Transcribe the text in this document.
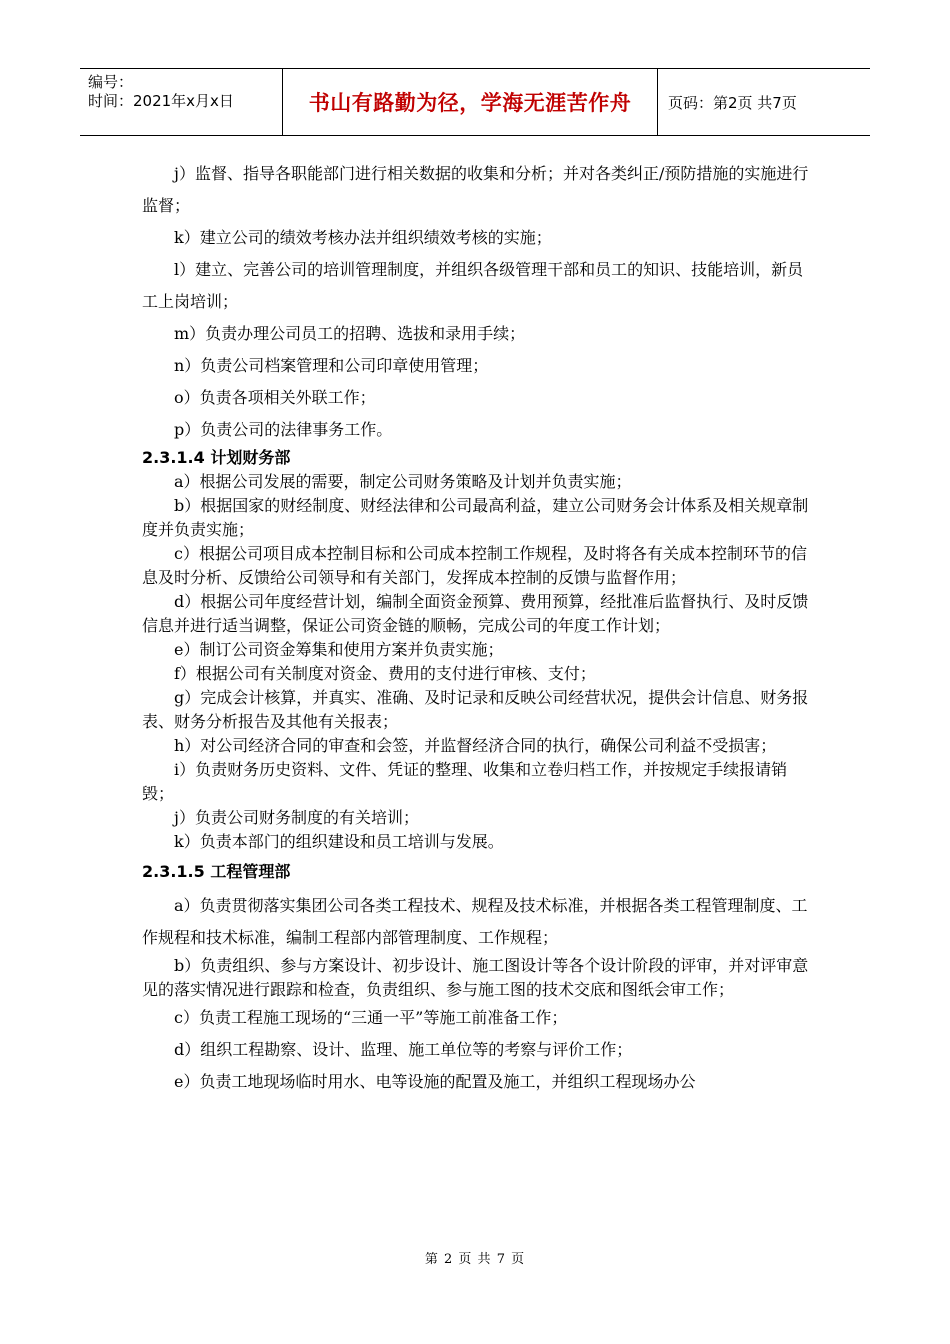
编号：
时间：2021年x月x日	书山有路勤为径，学海无涯苦作舟	页码：第2页 共7页

j）监督、指导各职能部门进行相关数据的收集和分析；并对各类纠正/预防措施的实施进行监督；

k）建立公司的绩效考核办法并组织绩效考核的实施；

l）建立、完善公司的培训管理制度，并组织各级管理干部和员工的知识、技能培训，新员工上岗培训；

m）负责办理公司员工的招聘、选拔和录用手续；

n）负责公司档案管理和公司印章使用管理；

o）负责各项相关外联工作；

p）负责公司的法律事务工作。

2.3.1.4 计划财务部

a）根据公司发展的需要，制定公司财务策略及计划并负责实施；

b）根据国家的财经制度、财经法律和公司最高利益，建立公司财务会计体系及相关规章制度并负责实施；

c）根据公司项目成本控制目标和公司成本控制工作规程，及时将各有关成本控制环节的信息及时分析、反馈给公司领导和有关部门，发挥成本控制的反馈与监督作用；

d）根据公司年度经营计划，编制全面资金预算、费用预算，经批准后监督执行、及时反馈信息并进行适当调整，保证公司资金链的顺畅，完成公司的年度工作计划；

e）制订公司资金筹集和使用方案并负责实施；

f）根据公司有关制度对资金、费用的支付进行审核、支付；

g）完成会计核算，并真实、准确、及时记录和反映公司经营状况，提供会计信息、财务报表、财务分析报告及其他有关报表；

h）对公司经济合同的审查和会签，并监督经济合同的执行，确保公司利益不受损害；

i）负责财务历史资料、文件、凭证的整理、收集和立卷归档工作，并按规定手续报请销毁；

j）负责公司财务制度的有关培训；

k）负责本部门的组织建设和员工培训与发展。

2.3.1.5 工程管理部

a）负责贯彻落实集团公司各类工程技术、规程及技术标准，并根据各类工程管理制度、工作规程和技术标准，编制工程部内部管理制度、工作规程；

b）负责组织、参与方案设计、初步设计、施工图设计等各个设计阶段的评审，并对评审意见的落实情况进行跟踪和检查，负责组织、参与施工图的技术交底和图纸会审工作；

c）负责工程施工现场的“三通一平”等施工前准备工作；

d）组织工程勘察、设计、监理、施工单位等的考察与评价工作；

e）负责工地现场临时用水、电等设施的配置及施工，并组织工程现场办公

第 2 页 共 7 页
